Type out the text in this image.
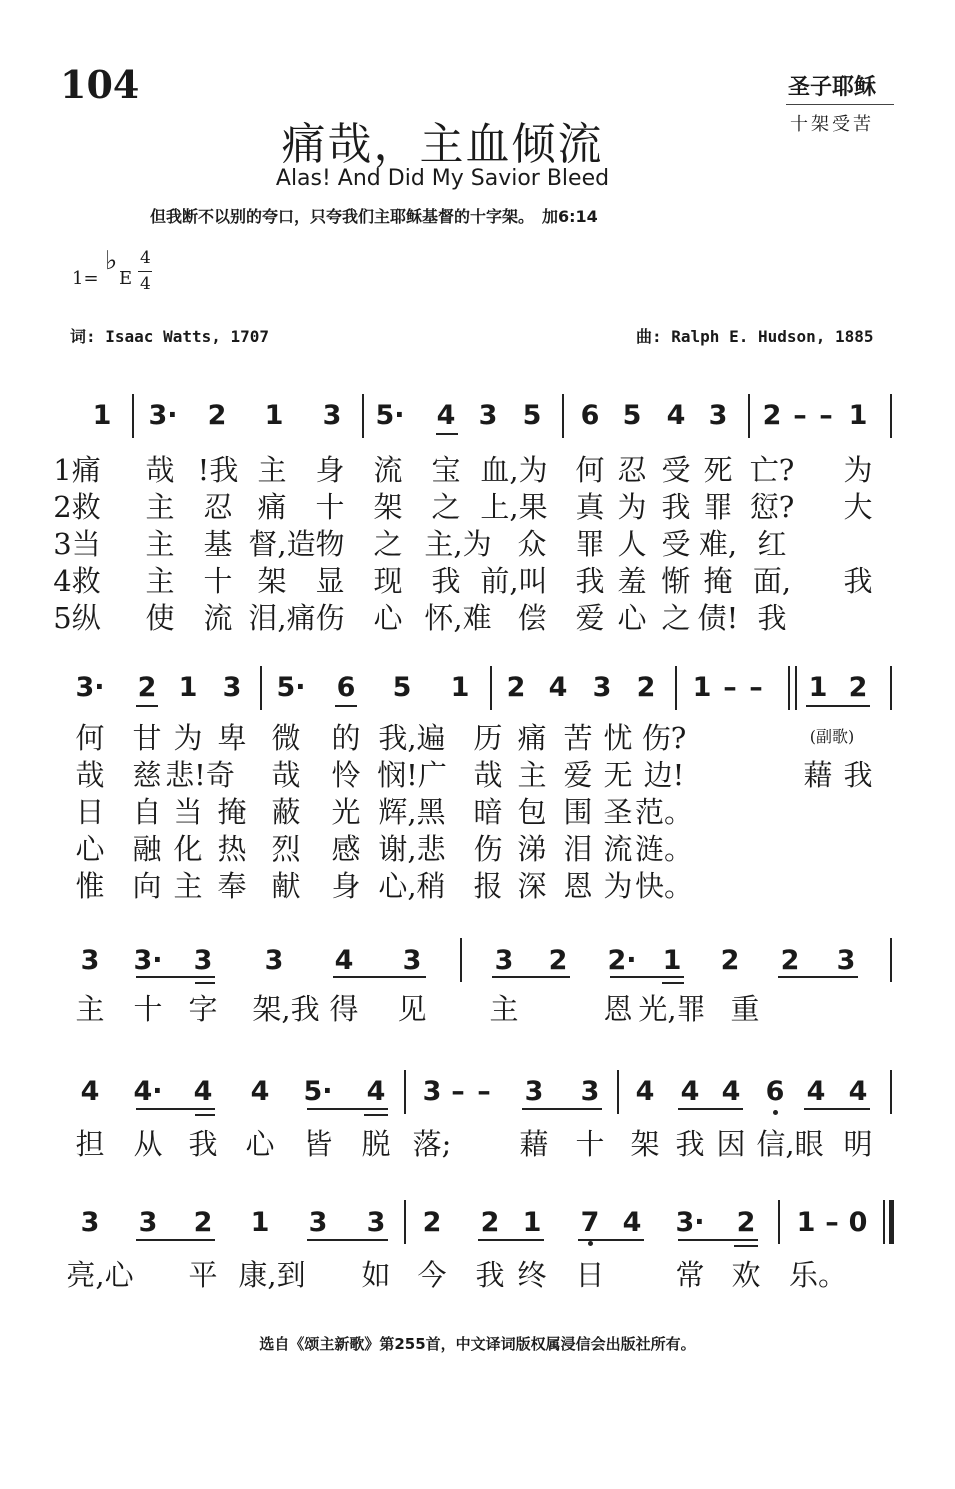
104	圣子耶稣
十架受苦
痛哉，主血倾流
Alas! And Did My Savior Bleed
但我断不以别的夸口，只夸我们主耶稣基督的十字架。　加6:14
1=
♭
E
4
4
词: Isaac Watts, 1707	曲: Ralph E. Hudson, 1885
1 3· 2 1 3 5· 4 3 5 6 5 4 3 2 – – 1
1痛 哉 !我 主 身 流 宝 血,为 何 忍 受 死 亡? 为
2救 主 忍 痛 十 架 之 上,果 真 为 我 罪 愆? 大
3当 主 基 督,造 物 之 主,为 众 罪 人 受 难, 红
4救 主 十 架 显 现 我 前,叫 我 羞 惭 掩 面, 我
5纵 使 流 泪,痛 伤 心 怀,难 偿 爱 心 之 债! 我
3· 2 1 3 5· 6 5 1 2 4 3 2 1 – – 1 2
何 甘 为 卑 微 的 我,遍 历 痛 苦 忧 伤?	(副歌)
哉 慈 悲!奇 哉 怜 悯!广 哉 主 爱 无 边!	藉 我
日 自 当 掩 蔽 光 辉,黑 暗 包 围 圣 范。
心 融 化 热 烈 感 谢,悲 伤 涕 泪 流 涟。
惟 向 主 奉 献 身 心,稍 报 深 恩 为 快。
3 3· 3 3 4 3	3 2 2· 1 2 2 3
主 十 字 架,我 得 见 主	恩 光,罪 重
4 4· 4 4 5· 4 3 – – 3 3 4 4 4 6 4 4
担 从 我 心 皆 脱 落; 藉 十 架 我 因 信,眼 明
3 3 2 1 3 3 2 2 1 7 4 3· 2 1 – 0
亮,心 平 康,到 如 今 我 终 日 常 欢 乐。
选自《颂主新歌》第255首，中文译词版权属浸信会出版社所有。
